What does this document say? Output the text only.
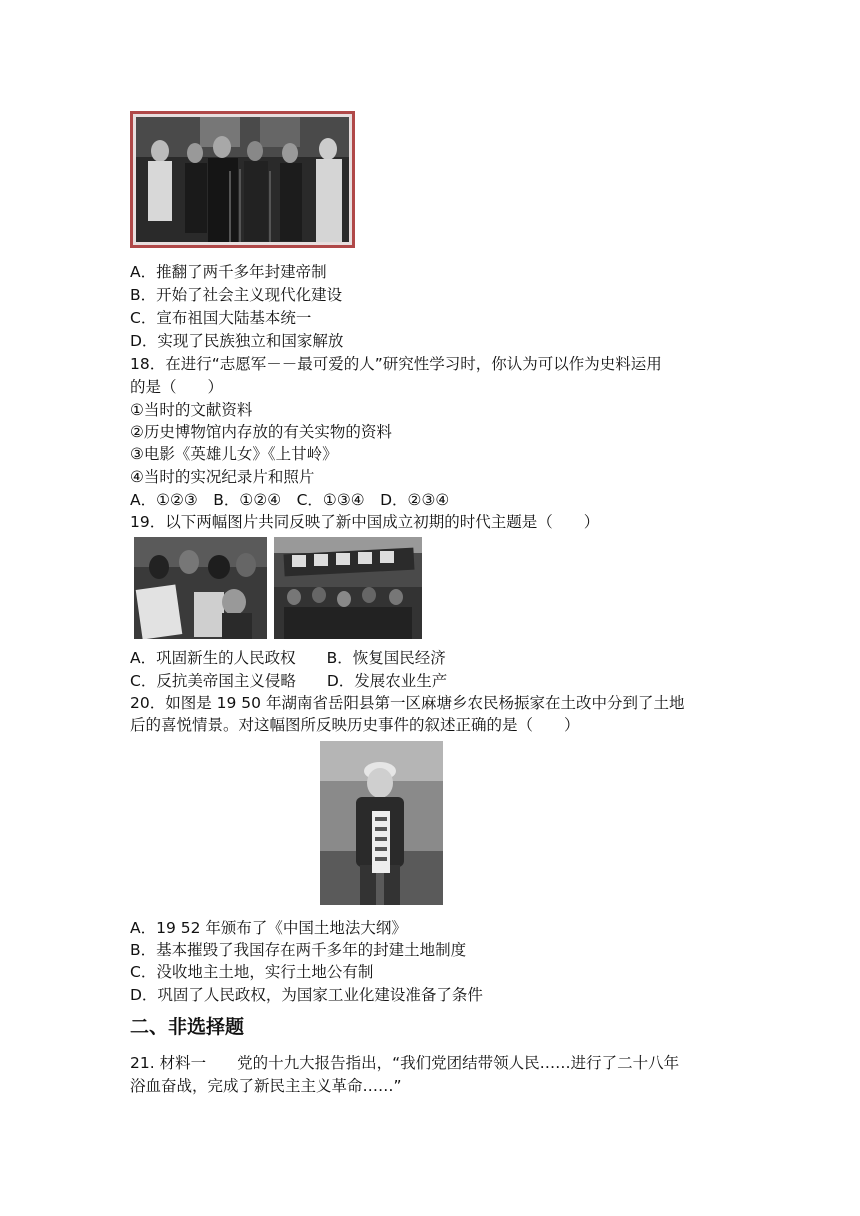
A．推翻了两千多年封建帝制
B．开始了社会主义现代化建设
C．宣布祖国大陆基本统一
D．实现了民族独立和国家解放
18．在进行“志愿军－－最可爱的人”研究性学习时，你认为可以作为史料运用
的是（　　）
①当时的文献资料
②历史博物馆内存放的有关实物的资料
③电影《英雄儿女》《上甘岭》
④当时的实况纪录片和照片
A．①②③　B．①②④　C．①③④　D．②③④
19．以下两幅图片共同反映了新中国成立初期的时代主题是（　　）
A．巩固新生的人民政权　　B．恢复国民经济
C．反抗美帝国主义侵略　　D．发展农业生产
20．如图是 19 50 年湖南省岳阳县第一区麻塘乡农民杨振家在土改中分到了土地
后的喜悦情景。对这幅图所反映历史事件的叙述正确的是（　　）
A．19 52 年颁布了《中国土地法大纲》
B．基本摧毁了我国存在两千多年的封建土地制度
C．没收地主土地，实行土地公有制
D．巩固了人民政权，为国家工业化建设准备了条件
二、非选择题
21. 材料一　　党的十九大报告指出，“我们党团结带领人民……进行了二十八年
浴血奋战，完成了新民主主义革命……”
